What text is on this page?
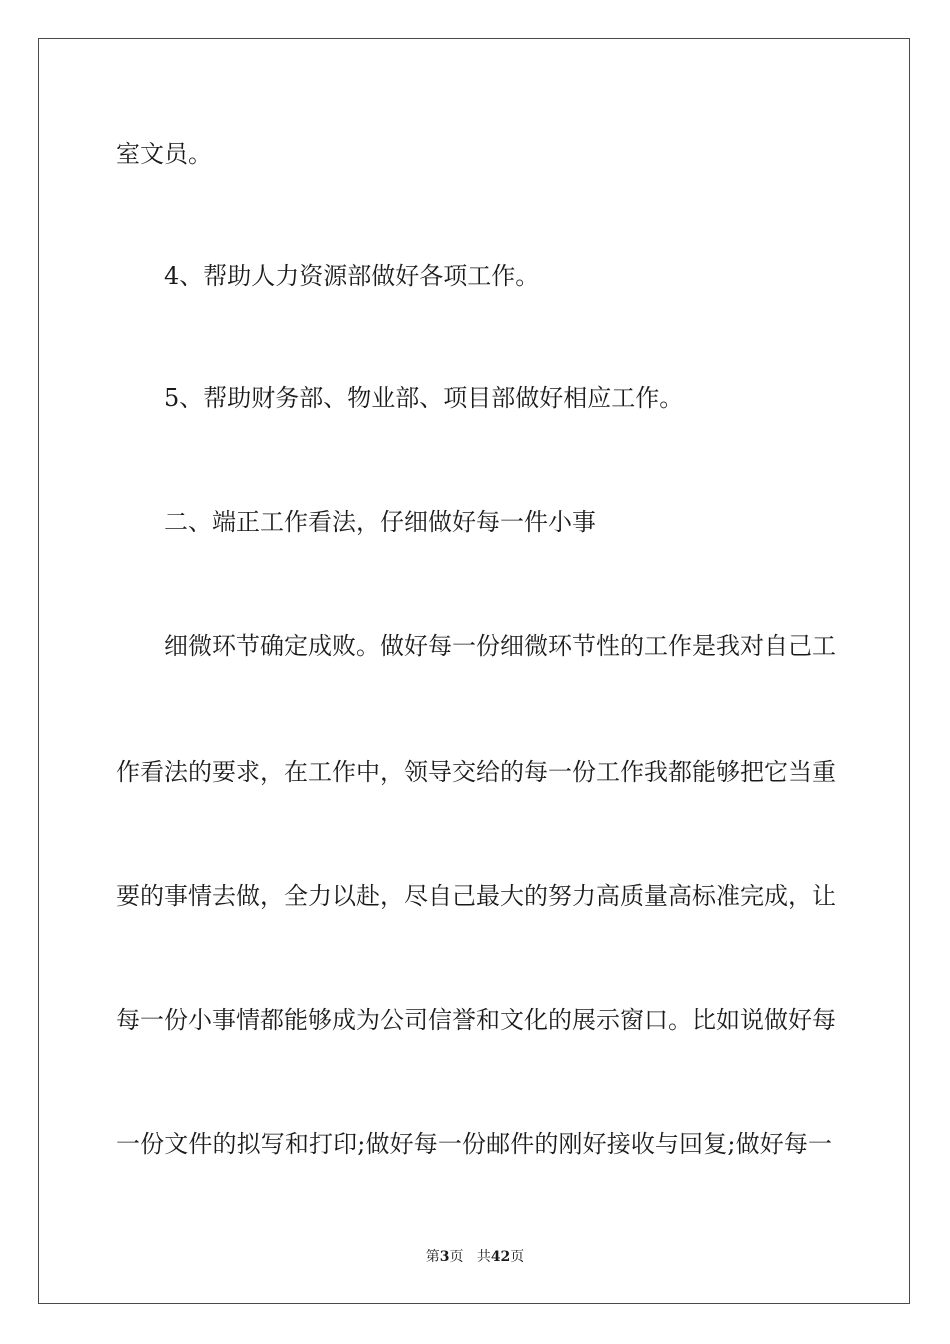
室文员。
4、帮助人力资源部做好各项工作。
5、帮助财务部、物业部、项目部做好相应工作。
二、端正工作看法，仔细做好每一件小事
细微环节确定成败。做好每一份细微环节性的工作是我对自己工
作看法的要求，在工作中，领导交给的每一份工作我都能够把它当重
要的事情去做，全力以赴，尽自己最大的努力高质量高标准完成，让
每一份小事情都能够成为公司信誉和文化的展示窗口。比如说做好每
一份文件的拟写和打印;做好每一份邮件的刚好接收与回复;做好每一
第3页 共42页
